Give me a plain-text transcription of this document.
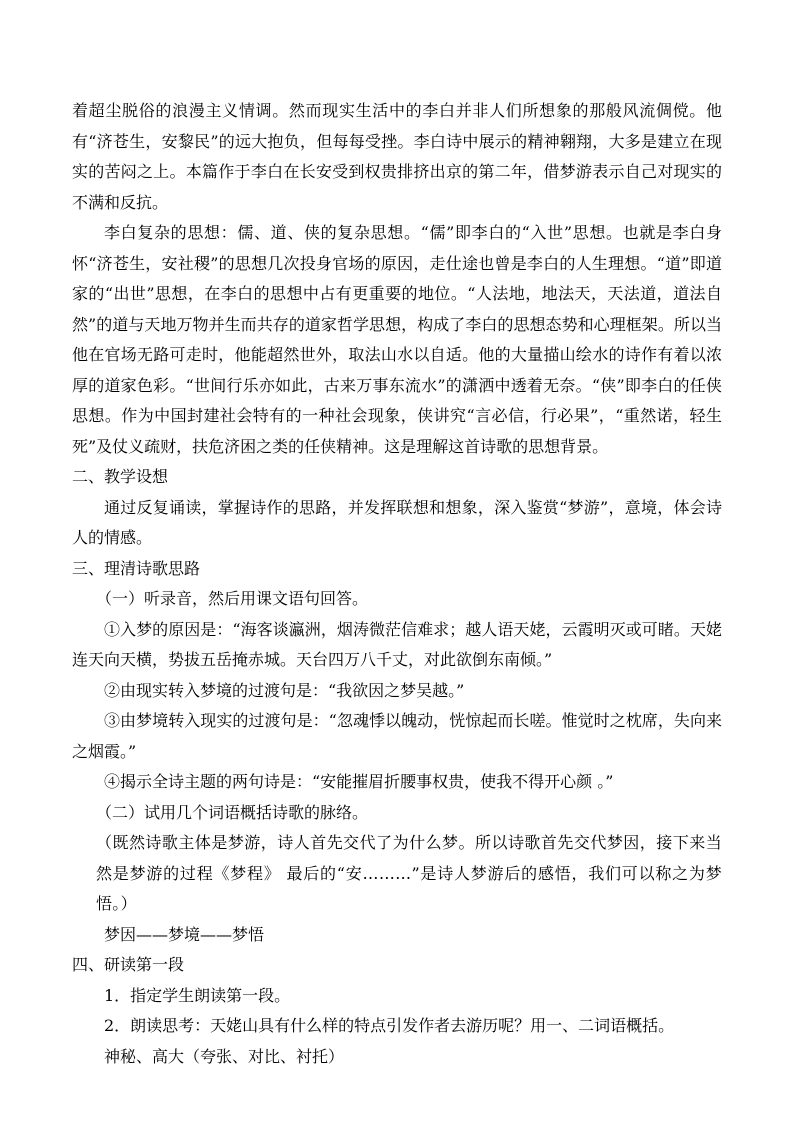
着超尘脱俗的浪漫主义情调。然而现实生活中的李白并非人们所想象的那般风流倜傥。他有“济苍生，安黎民”的远大抱负，但每每受挫。李白诗中展示的精神翱翔，大多是建立在现实的苦闷之上。本篇作于李白在长安受到权贵排挤出京的第二年，借梦游表示自己对现实的不满和反抗。

李白复杂的思想：儒、道、侠的复杂思想。“儒”即李白的“入世”思想。也就是李白身怀“济苍生，安社稷”的思想几次投身官场的原因，走仕途也曾是李白的人生理想。“道”即道家的“出世”思想，在李白的思想中占有更重要的地位。“人法地，地法天，天法道，道法自然”的道与天地万物并生而共存的道家哲学思想，构成了李白的思想态势和心理框架。所以当他在官场无路可走时，他能超然世外，取法山水以自适。他的大量描山绘水的诗作有着以浓厚的道家色彩。“世间行乐亦如此，古来万事东流水”的潇洒中透着无奈。“侠”即李白的任侠思想。作为中国封建社会特有的一种社会现象，侠讲究“言必信，行必果”，“重然诺，轻生死”及仗义疏财，扶危济困之类的任侠精神。这是理解这首诗歌的思想背景。

二、教学设想

通过反复诵读，掌握诗作的思路，并发挥联想和想象，深入鉴赏“梦游”，意境，体会诗人的情感。

三、理清诗歌思路

（一）听录音，然后用课文语句回答。

①入梦的原因是：“海客谈瀛洲，烟涛微茫信难求；越人语天姥，云霞明灭或可睹。天姥连天向天横，势拔五岳掩赤城。天台四万八千丈，对此欲倒东南倾。”

②由现实转入梦境的过渡句是：“我欲因之梦吴越。”

③由梦境转入现实的过渡句是：“忽魂悸以魄动，恍惊起而长嗟。惟觉时之枕席，失向来之烟霞。”

④揭示全诗主题的两句诗是：“安能摧眉折腰事权贵，使我不得开心颜 。”

（二）试用几个词语概括诗歌的脉络。

（既然诗歌主体是梦游，诗人首先交代了为什么梦。所以诗歌首先交代梦因，接下来当然是梦游的过程《梦程》 最后的“安………”是诗人梦游后的感悟，我们可以称之为梦悟。）

梦因——梦境——梦悟

四、研读第一段

1．指定学生朗读第一段。

2．朗读思考：天姥山具有什么样的特点引发作者去游历呢？用一、二词语概括。

神秘、高大（夸张、对比、衬托）
